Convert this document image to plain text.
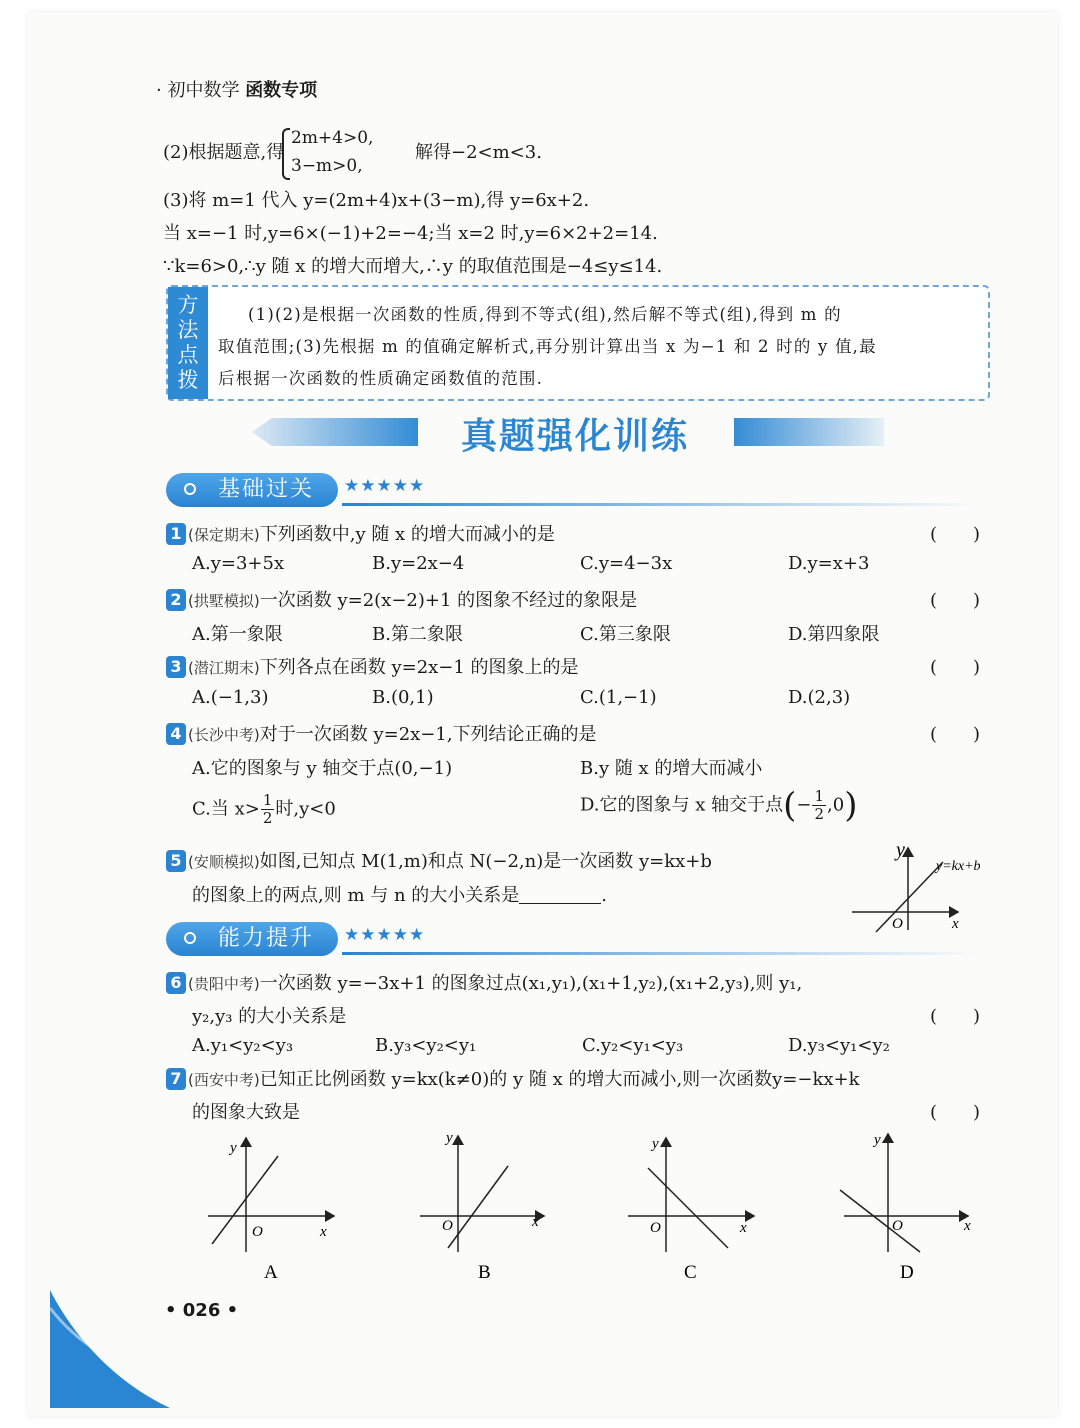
· 初中数学 函数专项
(2)根据题意,得
2m+4>0,
3−m>0,
解得−2<m<3.
(3)将 m=1 代入 y=(2m+4)x+(3−m),得 y=6x+2.
当 x=−1 时,y=6×(−1)+2=−4;当 x=2 时,y=6×2+2=14.
∵k=6>0,∴y 随 x 的增大而增大,∴y 的取值范围是−4≤y≤14.
方
法
点
拨
(1)(2)是根据一次函数的性质,得到不等式(组),然后解不等式(组),得到 m 的
取值范围;(3)先根据 m 的值确定解析式,再分别计算出当 x 为−1 和 2 时的 y 值,最
后根据一次函数的性质确定函数值的范围.
真题强化训练
基础过关 ★★★★★
1 (保定期末)下列函数中,y 随 x 的增大而减小的是	(　　)
A.y=3+5x	B.y=2x−4	C.y=4−3x	D.y=x+3
2 (拱墅模拟)一次函数 y=2(x−2)+1 的图象不经过的象限是	(　　)
A.第一象限	B.第二象限	C.第三象限	D.第四象限
3 (潜江期末)下列各点在函数 y=2x−1 的图象上的是	(　　)
A.(−1,3)	B.(0,1)	C.(1,−1)	D.(2,3)
4 (长沙中考)对于一次函数 y=2x−1,下列结论正确的是	(　　)
A.它的图象与 y 轴交于点(0,−1)	B.y 随 x 的增大而减小
C.当 $x> \frac{1}{2}$ 时,y<0	D.它的图象与 x 轴交于点(− $\frac{1}{2} ,0$)
5 (安顺模拟)如图,已知点 M(1,m)和点 N(−2,n)是一次函数 y=kx+b
的图象上的两点,则 m 与 n 的大小关系是	.
y
x
O
y=kx+b
能力提升 ★★★★★
6 (贵阳中考)一次函数 y=−3x+1 的图象过点(x₁,y₁),(x₁+1,y₂),(x₁+2,y₃),则 y₁,
y₂,y₃ 的大小关系是	(　　)
A.y₁<y₂<y₃	B.y₃<y₂<y₁	C.y₂<y₁<y₃	D.y₃<y₁<y₂
7 (西安中考)已知正比例函数 y=kx(k≠0)的 y 随 x 的增大而减小,则一次函数y=−kx+k
的图象大致是	(　　)
y
x
O
A
y
x
O
B
y
x
O
C
y
x
O
D
• 026 •
